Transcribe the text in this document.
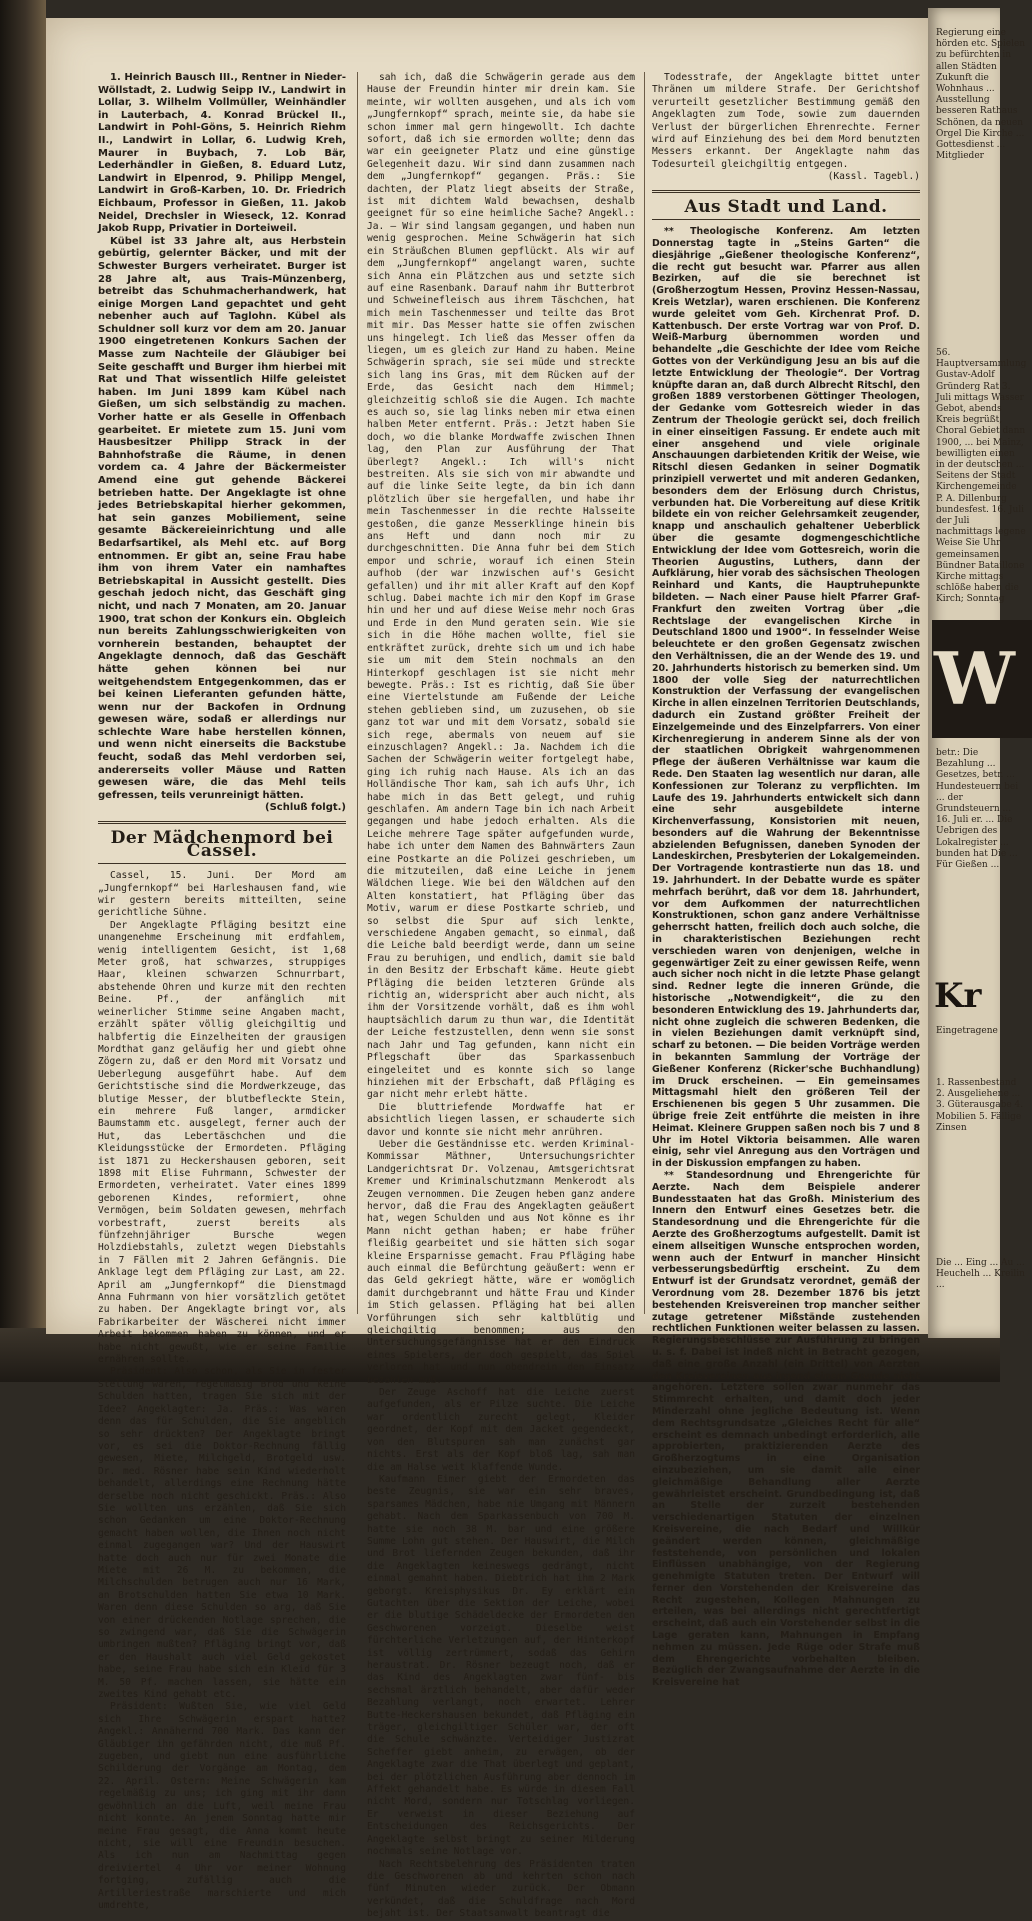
1. Heinrich Bausch III., Rentner in Nieder-Wöllstadt, 2. Ludwig Seipp IV., Landwirt in Lollar, 3. Wilhelm Vollmüller, Weinhändler in Lauterbach, 4. Konrad Brückel II., Landwirt in Pohl-Göns, 5. Heinrich Riehm II., Landwirt in Lollar, 6. Ludwig Kreh, Maurer in Buybach, 7. Lob Bär, Lederhändler in Gießen, 8. Eduard Lutz, Landwirt in Elpenrod, 9. Philipp Mengel, Landwirt in Groß-Karben, 10. Dr. Friedrich Eichbaum, Professor in Gießen, 11. Jakob Neidel, Drechsler in Wieseck, 12. Konrad Jakob Rupp, Privatier in Dorteiweil.

Kübel ist 33 Jahre alt, aus Herbstein gebürtig, gelernter Bäcker, und mit der Schwester Burgers verheiratet. Burger ist 28 Jahre alt, aus Trais-Münzenberg, betreibt das Schuhmacherhandwerk, hat einige Morgen Land gepachtet und geht nebenher auch auf Taglohn. Kübel als Schuldner soll kurz vor dem am 20. Januar 1900 eingetretenen Konkurs Sachen der Masse zum Nachteile der Gläubiger bei Seite geschafft und Burger ihm hierbei mit Rat und That wissentlich Hilfe geleistet haben. Im Juni 1899 kam Kübel nach Gießen, um sich selbständig zu machen. Vorher hatte er als Geselle in Offenbach gearbeitet. Er mietete zum 15. Juni vom Hausbesitzer Philipp Strack in der Bahnhofstraße die Räume, in denen vordem ca. 4 Jahre der Bäckermeister Amend eine gut gehende Bäckerei betrieben hatte. Der Angeklagte ist ohne jedes Betriebskapital hierher gekommen, hat sein ganzes Mobiliement, seine gesamte Bäckereieinrichtung und alle Bedarfsartikel, als Mehl etc. auf Borg entnommen. Er gibt an, seine Frau habe ihm von ihrem Vater ein namhaftes Betriebskapital in Aussicht gestellt. Dies geschah jedoch nicht, das Geschäft ging nicht, und nach 7 Monaten, am 20. Januar 1900, trat schon der Konkurs ein. Obgleich nun bereits Zahlungsschwierigkeiten von vornherein bestanden, behauptet der Angeklagte dennoch, daß das Geschäft hätte gehen können bei nur weitgehendstem Entgegenkommen, das er bei keinen Lieferanten gefunden hätte, wenn nur der Backofen in Ordnung gewesen wäre, sodaß er allerdings nur schlechte Ware habe herstellen können, und wenn nicht einerseits die Backstube feucht, sodaß das Mehl verdorben sei, andererseits voller Mäuse und Ratten gewesen wäre, die das Mehl teils gefressen, teils verunreinigt hätten.

(Schluß folgt.)

Der Mädchenmord bei Cassel.

Cassel, 15. Juni. Der Mord am „Jungfernkopf“ bei Harleshausen fand, wie wir gestern bereits mitteilten, seine gerichtliche Sühne.

Der Angeklagte Pfläging besitzt eine unangenehme Erscheinung mit erdfahlem, wenig intelligentem Gesicht, ist 1,68 Meter groß, hat schwarzes, struppiges Haar, kleinen schwarzen Schnurrbart, abstehende Ohren und kurze mit den rechten Beine. Pf., der anfänglich mit weinerlicher Stimme seine Angaben macht, erzählt später völlig gleichgiltig und halbfertig die Einzelheiten der grausigen Mordthat ganz geläufig her und giebt ohne Zögern zu, daß er den Mord mit Vorsatz und Ueberlegung ausgeführt habe. Auf dem Gerichtstische sind die Mordwerkzeuge, das blutige Messer, der blutbefleckte Stein, ein mehrere Fuß langer, armdicker Baumstamm etc. ausgelegt, ferner auch der Hut, das Lebertäschchen und die Kleidungsstücke der Ermordeten. Pfläging ist 1871 zu Heckershausen geboren, seit 1898 mit Elise Fuhrmann, Schwester der Ermordeten, verheiratet. Vater eines 1899 geborenen Kindes, reformiert, ohne Vermögen, beim Soldaten gewesen, mehrfach vorbestraft, zuerst bereits als fünfzehnjähriger Bursche wegen Holzdiebstahls, zuletzt wegen Diebstahls in 7 Fällen mit 2 Jahren Gefängnis. Die Anklage legt dem Pfläging zur Last, am 22. April am „Jungfernkopf“ die Dienstmagd Anna Fuhrmann von hier vorsätzlich getötet zu haben. Der Angeklagte bringt vor, als Fabrikarbeiter der Wäscherei nicht immer Arbeit bekommen haben zu können, und er habe nicht gewußt, wie er seine Familie ernähren sollte.

Präsident: Also schon, als Sie in fester Stellung waren, regelmäßig Brod und keine Schulden hatten, tragen Sie sich mit der Idee? Angeklagter: Ja. Präs.: Was waren denn das für Schulden, die Sie angeblich so sehr drückten? Der Angeklagte bringt vor, es sei die Doktor-Rechnung fällig gewesen, Miete, Milchgeld, Brotgeld usw. Dr. med. Rösner habe sein Kind wiederholt behandelt, allerdings eine Rechnung hätte derselbe noch nicht geschickt. Präs.: Also Sie wollten uns erzählen, daß Sie sich schon Gedanken um eine Doktor-Rechnung gemacht haben wollen, die Ihnen noch nicht einmal zugegangen war? Und der Hauswirt hatte doch auch nur für zwei Monate die Miete mit 26 M. zu bekommen, die Milchschulden betrugen auch nur 16 Mark, an Brotschulden hatten Sie etwa 10 Mark. Waren denn diese Schulden so arg, daß Sie von einer drückenden Notlage sprechen, die so zwingend war, daß Sie die Schwägerin umbringen mußten? Pfläging bringt vor, daß er den Haushalt auch viel Geld gekostet habe, seine Frau habe sich ein Kleid für 3 M. 50 Pf. machen lassen, sie hätte ein zweites Kind gehabt etc.

Präsident: Wußten Sie, wie viel Geld sich Ihre Schwägerin erspart hatte? Angekl.: Annähernd 700 Mark. Das kann der Gläubiger ihn gefährden nicht, die muß Pf. zugeben, und giebt nun eine ausführliche Schilderung der Vorgänge am Montag, dem 22. April. Ostern: Meine Schwägerin kam regelmäßig zu uns; ich ging mit ihr dann gewöhnlich an die Luft, weil meine Frau nicht konnte. An jenem Sonntag hatte mir meine Frau gesagt, die Anna kommt heute nicht, sie will eine Freundin besuchen. Als ich nun am Nachmittag gegen dreiviertel 4 Uhr vor meiner Wohnung fortging, zufällig auch die Artilleriestraße marschierte und mich umdrehte,

sah ich, daß die Schwägerin gerade aus dem Hause der Freundin hinter mir drein kam. Sie meinte, wir wollten ausgehen, und als ich vom „Jungfernkopf“ sprach, meinte sie, da habe sie schon immer mal gern hingewollt. Ich dachte sofort, daß ich sie ermorden wollte; denn das war ein geeigneter Platz und eine günstige Gelegenheit dazu. Wir sind dann zusammen nach dem „Jungfernkopf“ gegangen. Präs.: Sie dachten, der Platz liegt abseits der Straße, ist mit dichtem Wald bewachsen, deshalb geeignet für so eine heimliche Sache? Angekl.: Ja. — Wir sind langsam gegangen, und haben nun wenig gesprochen. Meine Schwägerin hat sich ein Sträußchen Blumen gepflückt. Als wir auf dem „Jungfernkopf“ angelangt waren, suchte sich Anna ein Plätzchen aus und setzte sich auf eine Rasenbank. Darauf nahm ihr Butterbrot und Schweinefleisch aus ihrem Täschchen, hat mich mein Taschenmesser und teilte das Brot mit mir. Das Messer hatte sie offen zwischen uns hingelegt. Ich ließ das Messer offen da liegen, um es gleich zur Hand zu haben. Meine Schwägerin sprach, sie sei müde und streckte sich lang ins Gras, mit dem Rücken auf der Erde, das Gesicht nach dem Himmel; gleichzeitig schloß sie die Augen. Ich machte es auch so, sie lag links neben mir etwa einen halben Meter entfernt. Präs.: Jetzt haben Sie doch, wo die blanke Mordwaffe zwischen Ihnen lag, den Plan zur Ausführung der That überlegt? Angekl.: Ich will's nicht bestreiten. Als sie sich von mir abwandte und auf die linke Seite legte, da bin ich dann plötzlich über sie hergefallen, und habe ihr mein Taschenmesser in die rechte Halsseite gestoßen, die ganze Messerklinge hinein bis ans Heft und dann noch mir zu durchgeschnitten. Die Anna fuhr bei dem Stich empor und schrie, worauf ich einen Stein aufhob (der war inzwischen auf's Gesicht gefallen) und ihr mit aller Kraft auf den Kopf schlug. Dabei machte ich mir den Kopf im Grase hin und her und auf diese Weise mehr noch Gras und Erde in den Mund geraten sein. Wie sie sich in die Höhe machen wollte, fiel sie entkräftet zurück, drehte sich um und ich habe sie um mit dem Stein nochmals an den Hinterkopf geschlagen ist sie nicht mehr bewegte. Präs.: Ist es richtig, daß Sie über eine Viertelstunde am Fußende der Leiche stehen geblieben sind, um zuzusehen, ob sie ganz tot war und mit dem Vorsatz, sobald sie sich rege, abermals von neuem auf sie einzuschlagen? Angekl.: Ja. Nachdem ich die Sachen der Schwägerin weiter fortgelegt habe, ging ich ruhig nach Hause. Als ich an das Holländische Thor kam, sah ich aufs Uhr, ich habe mich in das Bett gelegt, und ruhig geschlafen. Am andern Tage bin ich nach Arbeit gegangen und habe jedoch erhalten. Als die Leiche mehrere Tage später aufgefunden wurde, habe ich unter dem Namen des Bahnwärters Zaun eine Postkarte an die Polizei geschrieben, um die mitzuteilen, daß eine Leiche in jenem Wäldchen liege. Wie bei den Wäldchen auf den Alten konstatiert, hat Pfläging über das Motiv, warum er diese Postkarte schrieb, und so selbst die Spur auf sich lenkte, verschiedene Angaben gemacht, so einmal, daß die Leiche bald beerdigt werde, dann um seine Frau zu beruhigen, und endlich, damit sie bald in den Besitz der Erbschaft käme. Heute giebt Pfläging die beiden letzteren Gründe als richtig an, widerspricht aber auch nicht, als ihm der Vorsitzende vorhält, daß es ihm wohl hauptsächlich darum zu thun war, die Identität der Leiche festzustellen, denn wenn sie sonst nach Jahr und Tag gefunden, kann nicht ein Pflegschaft über das Sparkassenbuch eingeleitet und es konnte sich so lange hinziehen mit der Erbschaft, daß Pfläging es gar nicht mehr erlebt hätte.

Die bluttriefende Mordwaffe hat er absichtlich liegen lassen, er schauderte sich davor und konnte sie nicht mehr anrühren.

Ueber die Geständnisse etc. werden Kriminal-Kommissar Mäthner, Untersuchungsrichter Landgerichtsrat Dr. Volzenau, Amtsgerichtsrat Kremer und Kriminalschutzmann Menkerodt als Zeugen vernommen. Die Zeugen heben ganz andere hervor, daß die Frau des Angeklagten geäußert hat, wegen Schulden und aus Not könne es ihr Mann nicht gethan haben; er habe früher fleißig gearbeitet und sie hätten sich sogar kleine Ersparnisse gemacht. Frau Pfläging habe auch einmal die Befürchtung geäußert: wenn er das Geld gekriegt hätte, wäre er womöglich damit durchgebrannt und hätte Frau und Kinder im Stich gelassen. Pfläging hat bei allen Vorführungen sich sehr kaltblütig und gleichgiltig benommen; aus den Untersuchungsgefängnisse hat er den Eindruck eines Spielers, der doch gespielt, das Spiel verloren hat und nun obendrein den Einsatz bezahlen muß.

Der Zeuge Aschoff hat die Leiche zuerst aufgefunden, als er Pilze suchte. Die Leiche war ordentlich zurecht gelegt, Kleider geordnet, der Kopf mit dem Jacket gegendeckt, von den Blutspuren sah man zunächst gar nichts. Erst als der Kopf bloß lag, sah man die am Halse weit klaffende Wunde.

Kaufmann Eimer giebt der Ermordeten das beste Zeugnis, sie war ein sehr braves, sparsames Mädchen, habe nie Umgang mit Männern gehabt. Nach dem Sparkassenbuch von 700 M. hatte sie noch 38 M. bar und eine größere Summe Lohn gut stehen. Der Hauswirt, die Milch und Brot liefernden Zeugen bekunden, daß ihr die Angeklagten keineswegs gedrängt, nicht einmal gemahnt haben. Diebtrich hat ihm 2 Mark geborgt. Kreisphysikus Dr. Ey erklärt ein Gutachten über die Sektion der Leiche, wobei er die blutige Schädeldecke der Ermordeten den Geschworenen vorzeigt. Dieselbe weist fürchterliche Verletzungen auf, der Hinterkopf ist völlig zertrümmert, sodaß das Gehirn heraustrat. Dr. Rösner bezeugt noch, daß er das Kind des Angeklagten zwar fünf- bis sechsmal ärztlich behandelt, aber dafür weder Bezahlung verlangt, noch erwartet. Lehrer Butte-Heckershausen bekundet, daß Pfläging ein träger, gleichgiltiger Schüler war, der oft die Schule schwänzte. Verteidiger Justizrat Scheffer giebt anheim, zu erwägen, ob der Angeklagte zwar die That überlegt und geplant, bei der plötzlichen Ausführung aber dennoch im Affekt gehandelt habe. Es würde in diesem Fall nicht Mord, sondern nur Totschlag vorliegen. Er verweist in dieser Beziehung auf Entscheidungen des Reichsgerichts. Der Angeklagte selbst bringt zu seiner Milderung nochmals seine Notlage vor.

Nach Rechtsbelehrung des Präsidenten traten die Geschworenen ab und kehrten schon nach fünf Minuten wieder zurück. Der Obmann verkündet, daß die Schuldfrage nach Mord bejaht ist. Der Staatsanwalt beantragt die

Todesstrafe, der Angeklagte bittet unter Thränen um mildere Strafe. Der Gerichtshof verurteilt gesetzlicher Bestimmung gemäß den Angeklagten zum Tode, sowie zum dauernden Verlust der bürgerlichen Ehrenrechte. Ferner wird auf Einziehung des bei dem Mord benutzten Messers erkannt. Der Angeklagte nahm das Todesurteil gleichgiltig entgegen.

(Kassl. Tagebl.)

Aus Stadt und Land.

** Theologische Konferenz. Am letzten Donnerstag tagte in „Steins Garten“ die diesjährige „Gießener theologische Konferenz“, die recht gut besucht war. Pfarrer aus allen Bezirken, auf die sie berechnet ist (Großherzogtum Hessen, Provinz Hessen-Nassau, Kreis Wetzlar), waren erschienen. Die Konferenz wurde geleitet vom Geh. Kirchenrat Prof. D. Kattenbusch. Der erste Vortrag war von Prof. D. Weiß-Marburg übernommen worden und behandelte „die Geschichte der Idee vom Reiche Gottes von der Verkündigung Jesu an bis auf die letzte Entwicklung der Theologie“. Der Vortrag knüpfte daran an, daß durch Albrecht Ritschl, den großen 1889 verstorbenen Göttinger Theologen, der Gedanke vom Gottesreich wieder in das Zentrum der Theologie gerückt sei, doch freilich in einer einseitigen Fassung. Er endete auch mit einer ansgehend und viele originale Anschauungen darbietenden Kritik der Weise, wie Ritschl diesen Gedanken in seiner Dogmatik prinzipiell verwertet und mit anderen Gedanken, besonders dem der Erlösung durch Christus, verbunden hat. Die Vorbereitung auf diese Kritik bildete ein von reicher Gelehrsamkeit zeugender, knapp und anschaulich gehaltener Ueberblick über die gesamte dogmengeschichtliche Entwicklung der Idee vom Gottesreich, worin die Theorien Augustins, Luthers, dann der Aufklärung, hier vorab des sächsischen Theologen Reinhard und Kants, die Hauptruhepunkte bildeten. — Nach einer Pause hielt Pfarrer Graf-Frankfurt den zweiten Vortrag über „die Rechtslage der evangelischen Kirche in Deutschland 1800 und 1900“. In fesselnder Weise beleuchtete er den großen Gegensatz zwischen den Verhältnissen, die an der Wende des 19. und 20. Jahrhunderts historisch zu bemerken sind. Um 1800 der volle Sieg der naturrechtlichen Konstruktion der Verfassung der evangelischen Kirche in allen einzelnen Territorien Deutschlands, dadurch ein Zustand größter Freiheit der Einzelgemeinde und des Einzelpfarrers. Von einer Kirchenregierung in anderem Sinne als der von der staatlichen Obrigkeit wahrgenommenen Pflege der äußeren Verhältnisse war kaum die Rede. Den Staaten lag wesentlich nur daran, alle Konfessionen zur Toleranz zu verpflichten. Im Laufe des 19. Jahrhunderts entwickelt sich dann eine sehr ausgebildete interne Kirchenverfassung, Konsistorien mit neuen, besonders auf die Wahrung der Bekenntnisse abzielenden Befugnissen, daneben Synoden der Landeskirchen, Presbyterien der Lokalgemeinden. Der Vortragende kontrastierte nun das 18. und 19. Jahrhundert. In der Debatte wurde es später mehrfach berührt, daß vor dem 18. Jahrhundert, vor dem Aufkommen der naturrechtlichen Konstruktionen, schon ganz andere Verhältnisse geherrscht hatten, freilich doch auch solche, die in charakteristischen Beziehungen recht verschieden waren von denjenigen, welche in gegenwärtiger Zeit zu einer gewissen Reife, wenn auch sicher noch nicht in die letzte Phase gelangt sind. Redner legte die inneren Gründe, die historische „Notwendigkeit“, die zu den besonderen Entwicklung des 19. Jahrhunderts dar, nicht ohne zugleich die schweren Bedenken, die in vielen Beziehungen damit verknüpft sind, scharf zu betonen. — Die beiden Vorträge werden in bekannten Sammlung der Vorträge der Gießener Konferenz (Ricker'sche Buchhandlung) im Druck erscheinen. — Ein gemeinsames Mittagsmahl hielt den größeren Teil der Erschienenen bis gegen 5 Uhr zusammen. Die übrige freie Zeit entführte die meisten in ihre Heimat. Kleinere Gruppen saßen noch bis 7 und 8 Uhr im Hotel Viktoria beisammen. Alle waren einig, sehr viel Anregung aus den Vorträgen und in der Diskussion empfangen zu haben.

** Standesordnung und Ehrengerichte für Aerzte. Nach dem Beispiele anderer Bundesstaaten hat das Großh. Ministerium des Innern den Entwurf eines Gesetzes betr. die Standesordnung und die Ehrengerichte für die Aerzte des Großherzogtums aufgestellt. Damit ist einem allseitigen Wunsche entsprochen worden, wenn auch der Entwurf in mancher Hinsicht verbesserungsbedürftig erscheint. Zu dem Entwurf ist der Grundsatz verordnet, gemäß der Verordnung vom 28. Dezember 1876 bis jetzt bestehenden Kreisvereinen trop mancher seither zutage getretener Mißstände zustehenden rechtlichen Funktionen weiter belassen zu lassen. Regierungsbeschlüsse zur Ausführung zu bringen u. s. f. Dabei ist indeß nicht in Betracht gezogen, daß eine große Anzahl (ein Drittel) von Aerzten den Kreisvereinen aus irgend einem Grunde nicht angehören. Letztere sollen zwar nunmehr das Stimmrecht erhalten, und damit doch jeder Minderzahl ohne jegliche Bedeutung ist. Wenn dem Rechtsgrundsatze „Gleiches Recht für alle“ erscheint es demnach unbedingt erforderlich, alle approbierten, praktizierenden Aerzte des Großherzogtums in eine Organisation einzubeziehen, um sie damit alle einer gleichmäßige Behandlung aller Aerzte gewährleistet erscheint. Grundbedingung ist, daß an Stelle der zurzeit bestehenden verschiedenartigen Statuten der einzelnen Kreisvereine, die nach Bedarf und Willkür geändert werden können, gleichmäßige feststehende, von persönlichen und lokalen Einflüssen unabhängige, von der Regierung genehmigte Statuten treten. Der Entwurf will ferner den Vorstehenden der Kreisvereine das Recht zugestehen, Kollegen Mahnungen zu erteilen, was bei allerdings nicht gerechtfertigt erscheint, daß auch ein Vorstehender selbst in die Lage geraten kann, Mahnungen in Empfang nehmen zu müssen. Jede Rüge oder Strafe muß dem Ehrengerichte vorbehalten bleiben. Bezüglich der Zwangsaufnahme der Aerzte in die Kreisvereine hat

Regierung eine hörden etc. Spielen zu befürchten in allen Städten Zukunft die Wohnhaus ... Ausstellung besseren Rathaus Schönen, da neuen Orgel Die Kirche ... Gottesdienst ... Mitglieder
56. Hauptversammlung Gustav-Adolf Gründerg Rat 3. Juli mittags Wasser Gebot, abends Kreis begrüßt, Choral Gebiet dann 1900, ... bei Mainz, bewilligten einen in der deutschen ... Seitens der Stadt Kirchengemeinde P. A. Dillenburg bundesfest. 16. Juli der Juli nachmittags legene Weise Sie Uhr gemeinsamen Bündner Bataillone Kirche mittags schlöße haben die Kirch; Sonntag
W
betr.: Die Bezahlung ... Gesetzes, betr. ... Hundesteuern bei ... der Grundsteuern ... 16. Juli er. ... Die Uebrigen des Lokalregister ... bunden hat Die ... Für Gießen ...
Kr
Eingetragene
1. Rassenbestand 2. Ausgeliehene ... 3. Güterausgabe 4. Mobilien 5. Fällige Zinsen
Die ... Eing ... Au ... Heuchelh ... Kreilin ...
